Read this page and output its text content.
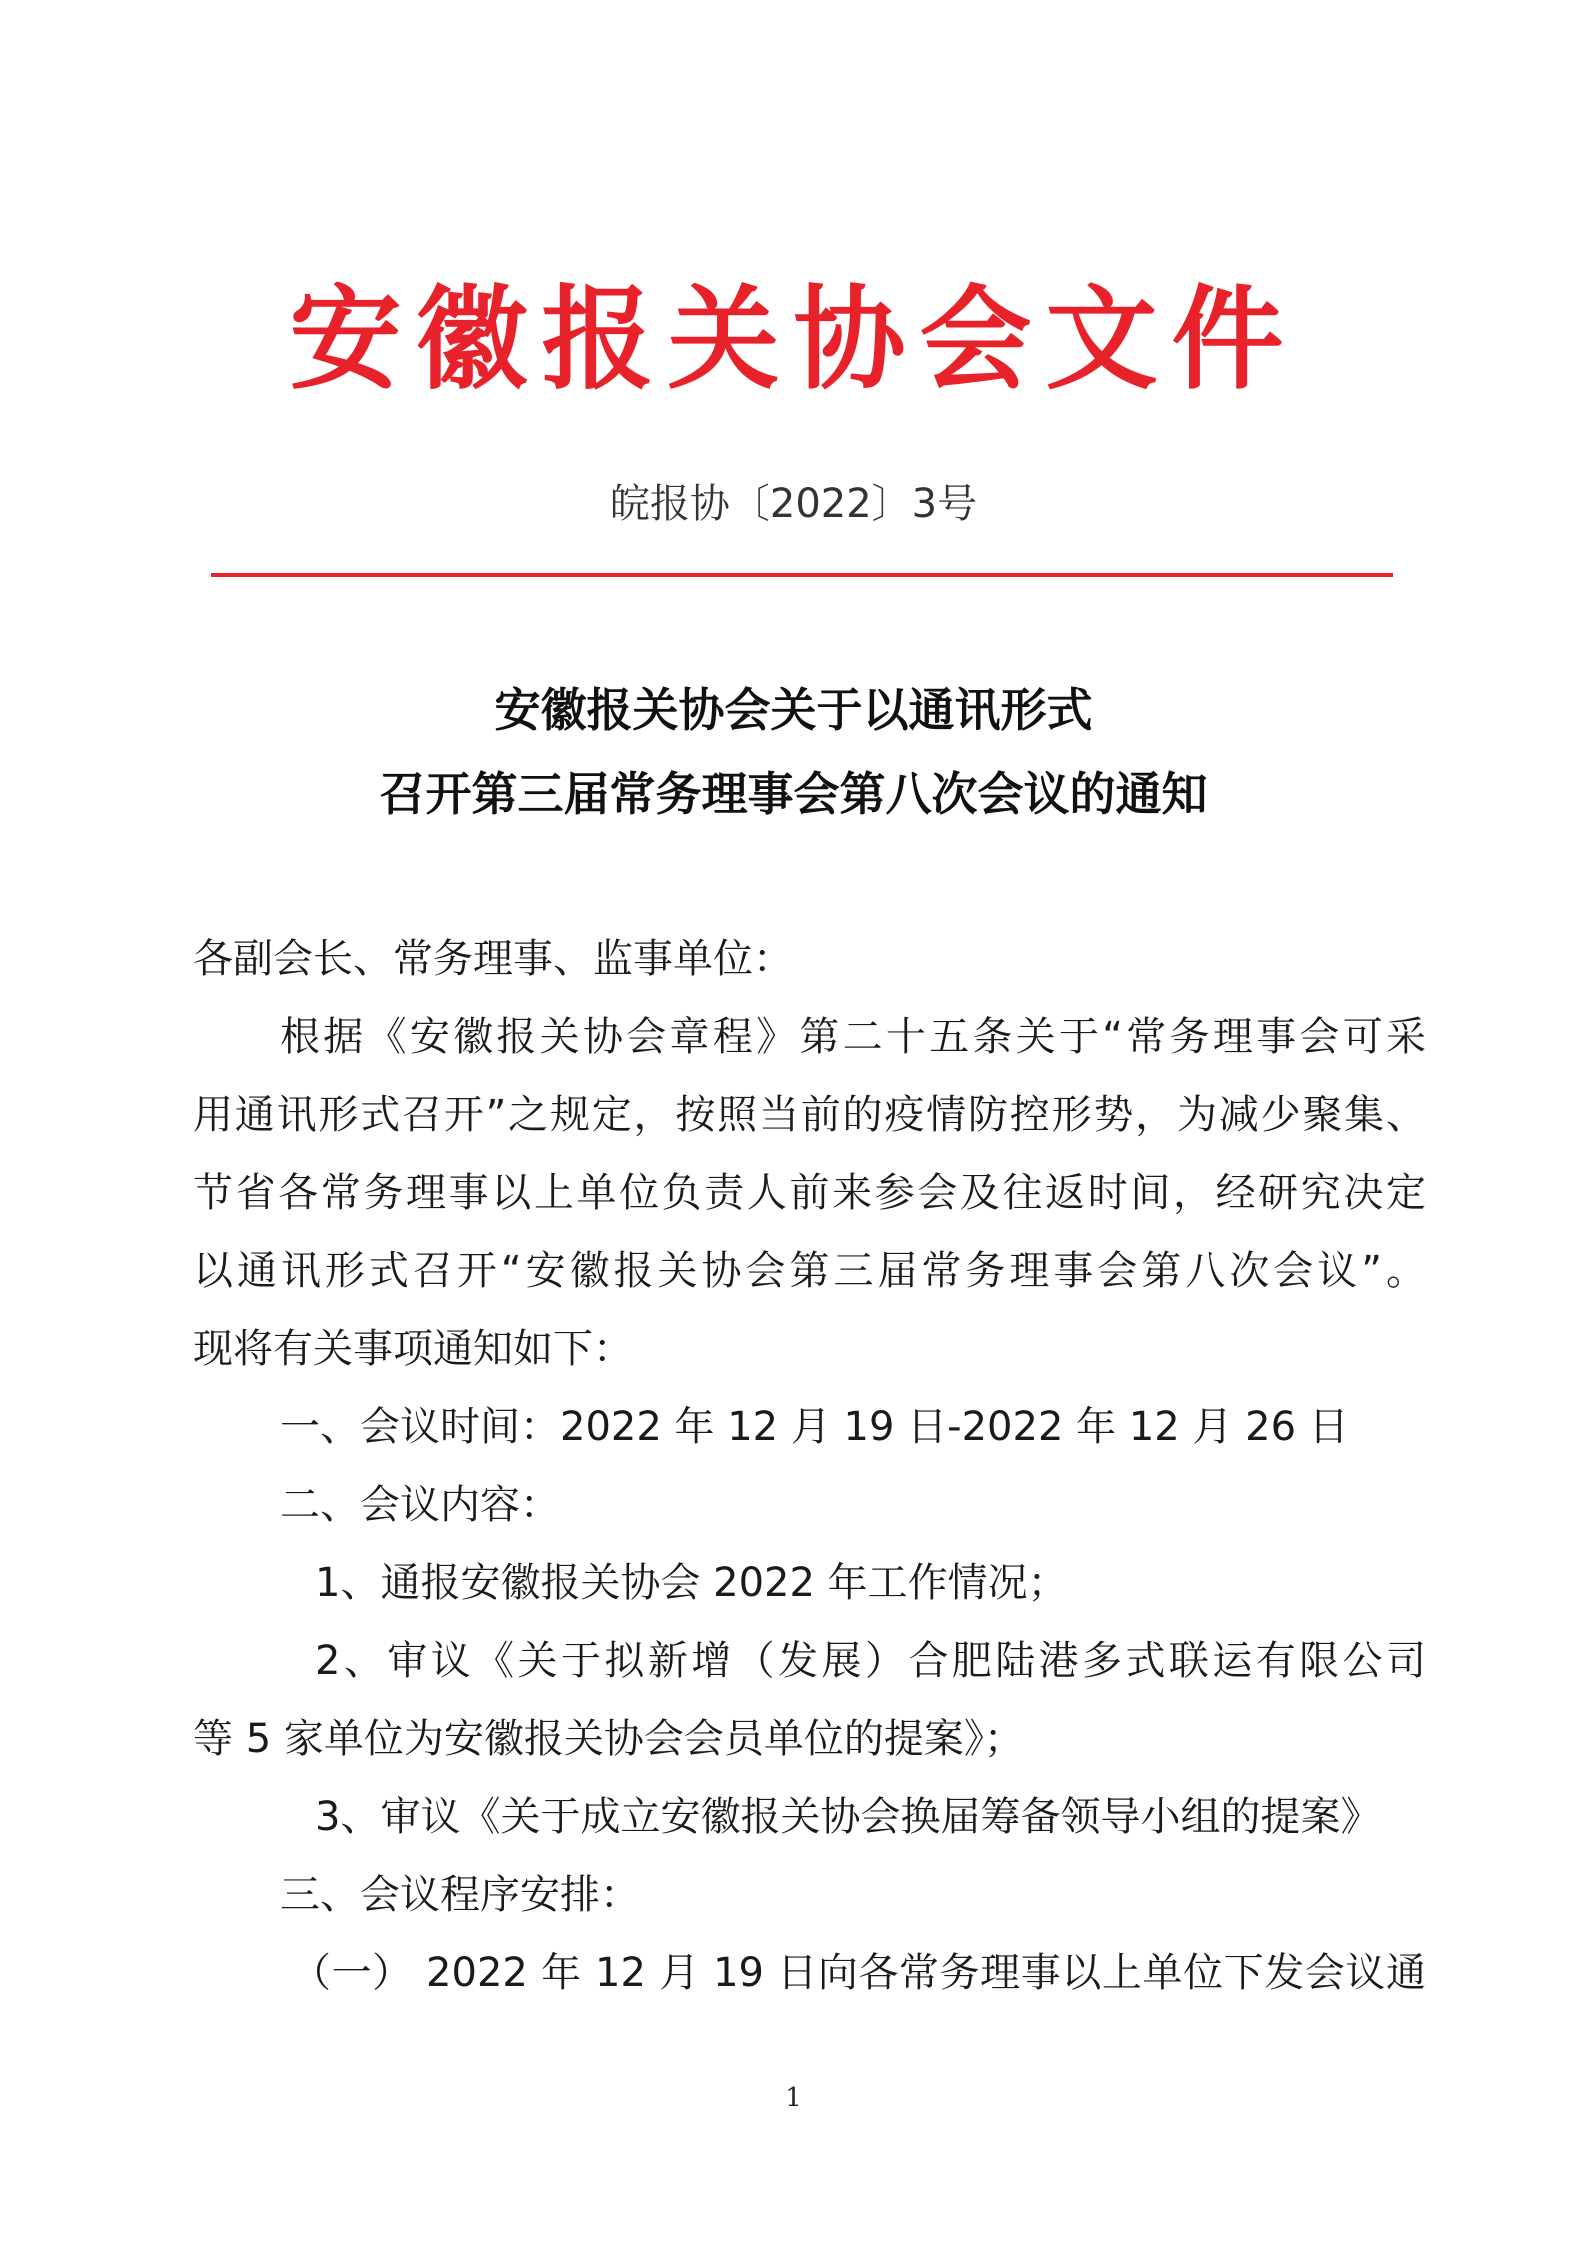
安徽报关协会文件
皖报协〔2022〕3号
安徽报关协会关于以通讯形式
召开第三届常务理事会第八次会议的通知
各副会长、常务理事、监事单位：
根据《安徽报关协会章程》第二十五条关于“常务理事会可采
用通讯形式召开”之规定，按照当前的疫情防控形势，为减少聚集、
节省各常务理事以上单位负责人前来参会及往返时间，经研究决定
以通讯形式召开“安徽报关协会第三届常务理事会第八次会议”。
现将有关事项通知如下：
一、会议时间：2022 年 12 月 19 日-2022 年 12 月 26 日
二、会议内容：
1、通报安徽报关协会 2022 年工作情况；
2、审议《关于拟新增（发展）合肥陆港多式联运有限公司
等 5 家单位为安徽报关协会会员单位的提案》；
3、审议《关于成立安徽报关协会换届筹备领导小组的提案》
三、会议程序安排：
（一） 2022 年 12 月 19 日向各常务理事以上单位下发会议通
1
